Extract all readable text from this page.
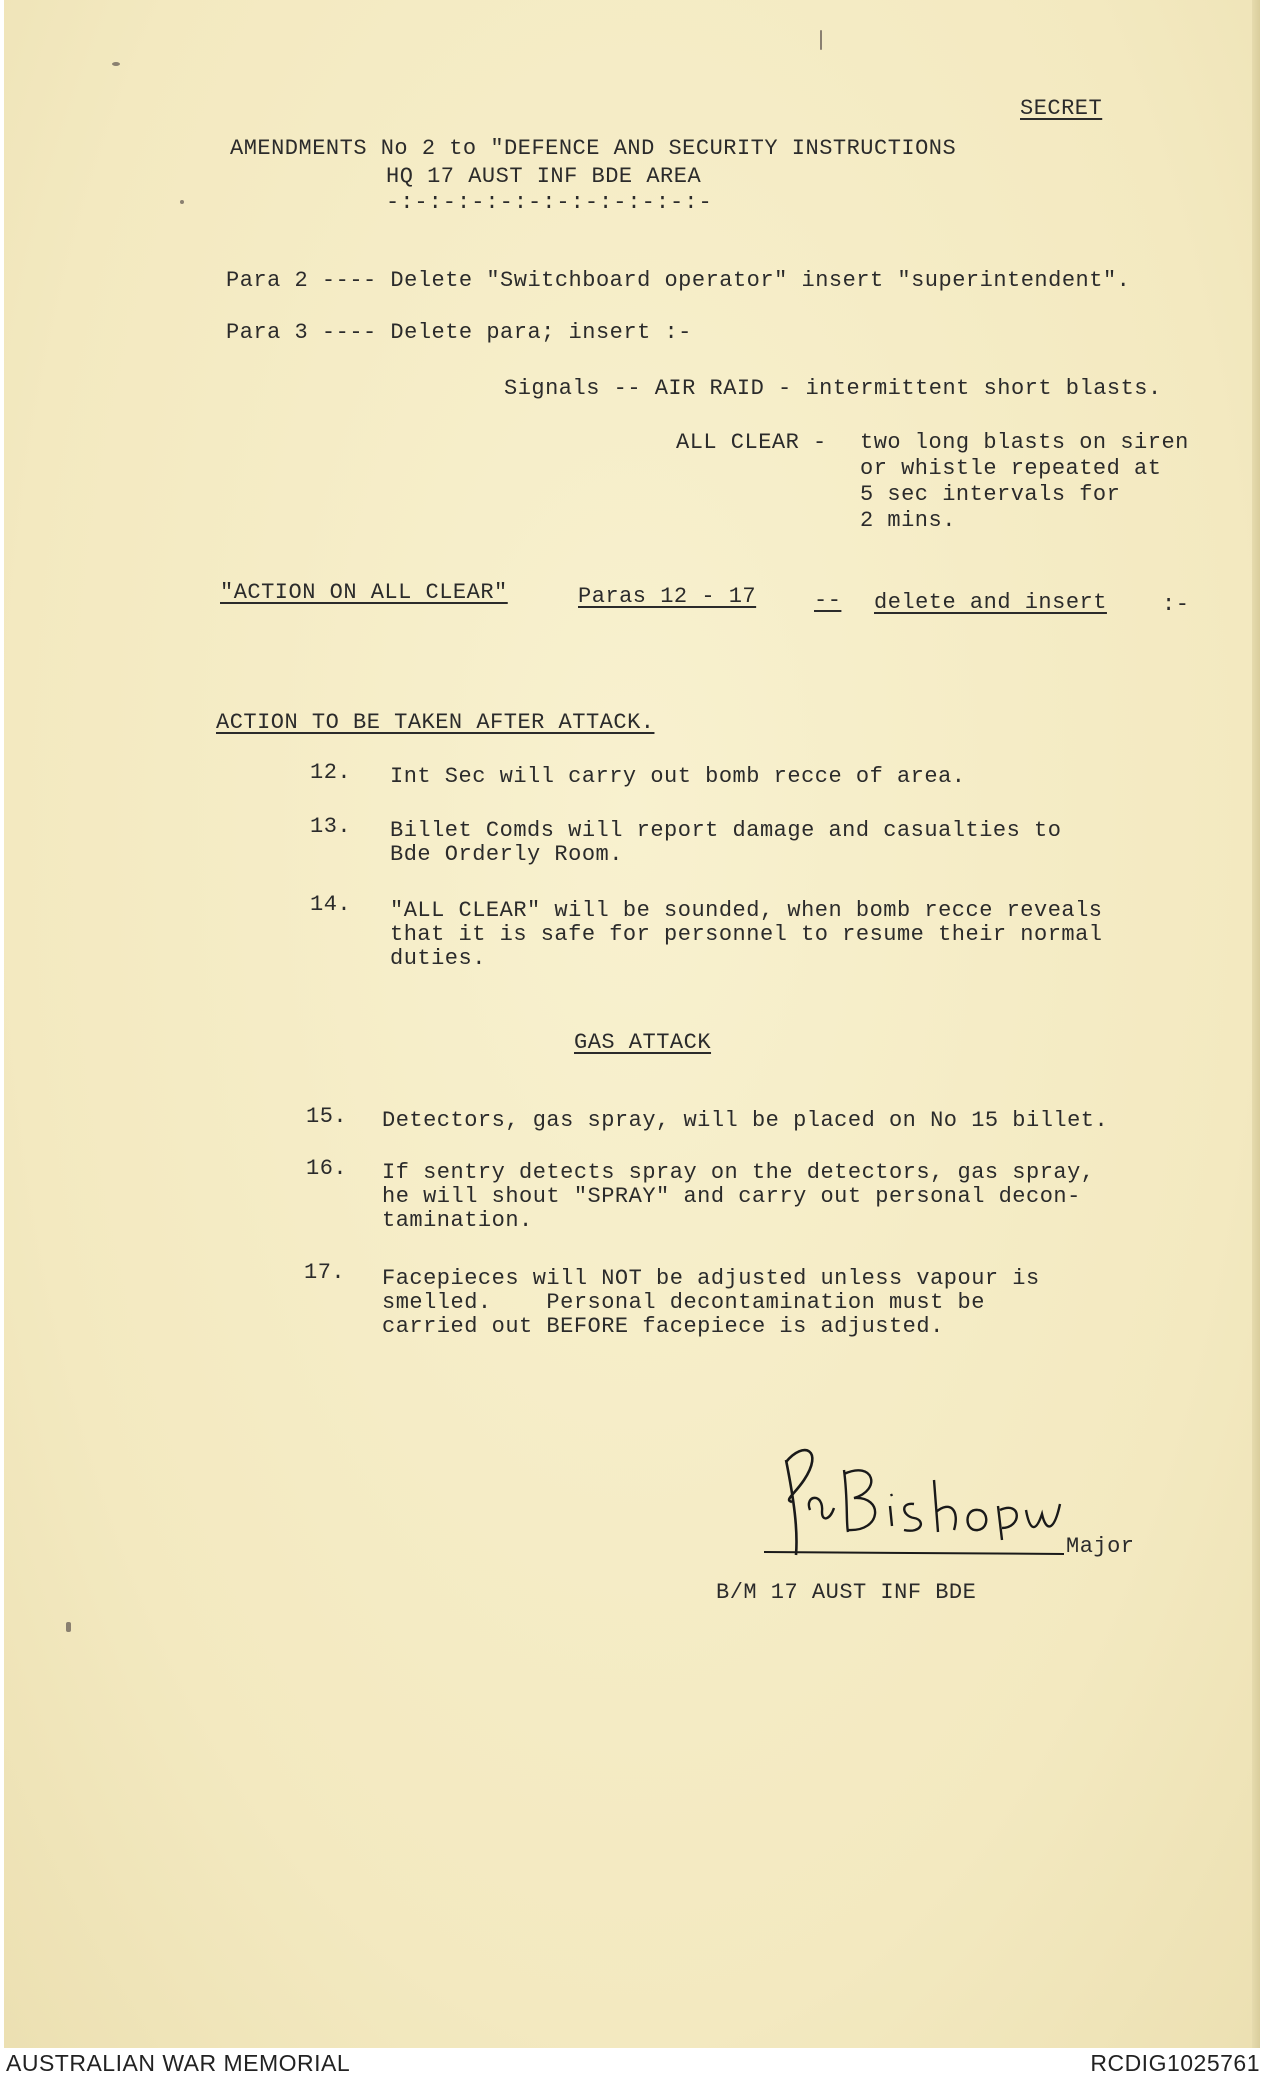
SECRET
AMENDMENTS No 2 to "DEFENCE AND SECURITY INSTRUCTIONS
HQ 17 AUST INF BDE AREA
-:-:-:-:-:-:-:-:-:-:-:-
Para 2 ---- Delete "Switchboard operator" insert "superintendent".
Para 3 ---- Delete para; insert :-
Signals -- AIR RAID - intermittent short blasts.
ALL CLEAR - two long blasts on siren
or whistle repeated at
5 sec intervals for
2 mins.
"ACTION ON ALL CLEAR"	Paras 12 - 17	-- delete and insert	:-
ACTION TO BE TAKEN AFTER ATTACK.
12. Int Sec will carry out bomb recce of area.
13. Billet Comds will report damage and casualties to
Bde Orderly Room.
14. "ALL CLEAR" will be sounded, when bomb recce reveals
that it is safe for personnel to resume their normal
duties.
GAS ATTACK
15. Detectors, gas spray, will be placed on No 15 billet.
16. If sentry detects spray on the detectors, gas spray,
he will shout "SPRAY" and carry out personal decon-
tamination.
17. Facepieces will NOT be adjusted unless vapour is
smelled.    Personal decontamination must be
carried out BEFORE facepiece is adjusted.
Major
B/M 17 AUST INF BDE
AUSTRALIAN WAR MEMORIAL	RCDIG1025761
